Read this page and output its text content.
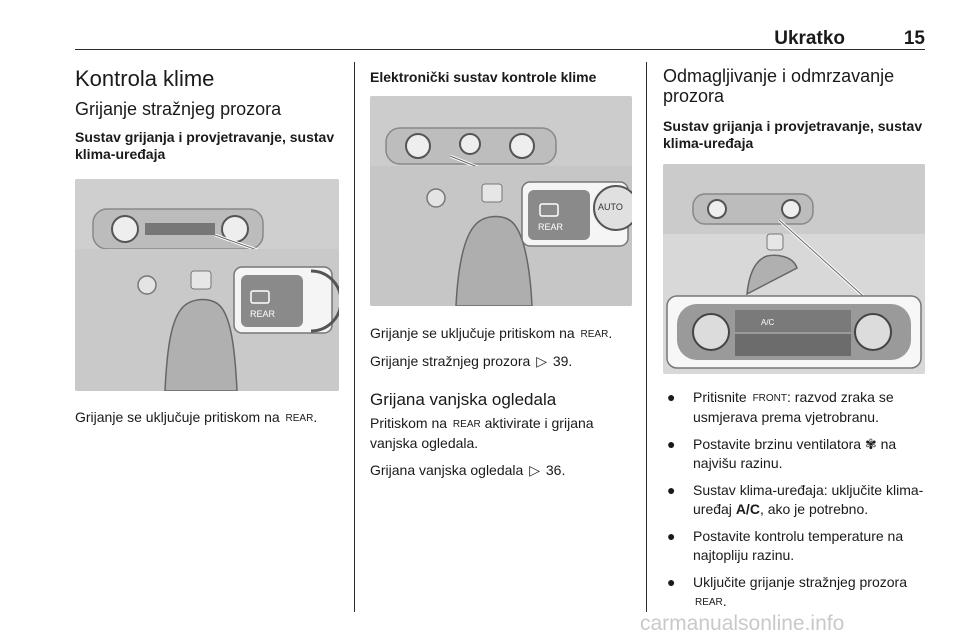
Ukratko	15
Kontrola klime
Grijanje stražnjeg prozora
Sustav grijanja i provjetravanje, sustav klima-uređaja
REAR

Grijanje se uključuje pritiskom na REAR.

Elektronički sustav kontrole klime
REAR
AUTO

Grijanje se uključuje pritiskom na REAR.

Grijanje stražnjeg prozora ▷ 39.

Grijana vanjska ogledala

Pritiskom na REAR aktivirate i grijana vanjska ogledala.

Grijana vanjska ogledala ▷ 36.

Odmagljivanje i odmrzavanje prozora
Sustav grijanja i provjetravanje, sustav klima-uređaja
A/C
● Pritisnite FRONT: razvod zraka se usmjerava prema vjetrobranu.
● Postavite brzinu ventilatora ✾ na najvišu razinu.
● Sustav klima-uređaja: uključite klima-uređaj A/C, ako je potrebno.
● Postavite kontrolu temperature na najtopliju razinu.
● Uključite grijanje stražnjeg prozora REAR.
carmanualsonline.info
